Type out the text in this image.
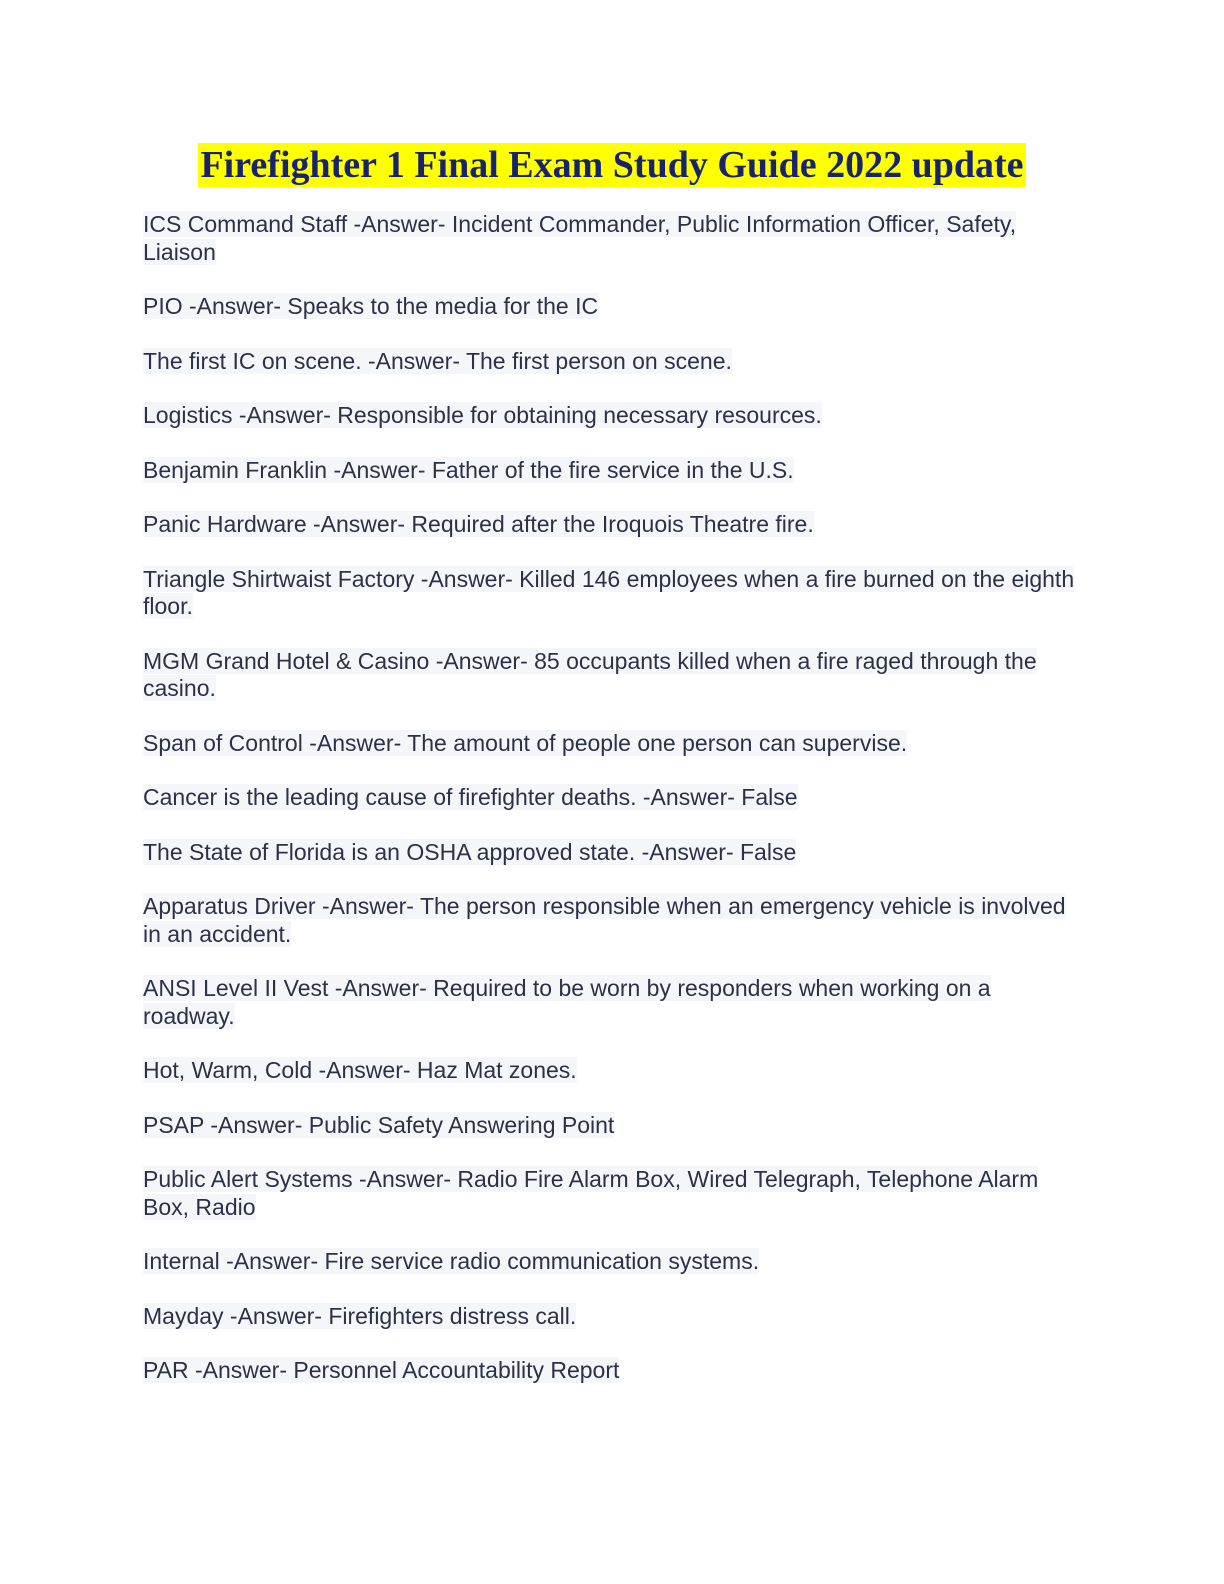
Firefighter 1 Final Exam Study Guide 2022 update
ICS Command Staff -Answer- Incident Commander, Public Information Officer, Safety, Liaison
PIO -Answer- Speaks to the media for the IC
The first IC on scene. -Answer- The first person on scene.
Logistics -Answer- Responsible for obtaining necessary resources.
Benjamin Franklin -Answer- Father of the fire service in the U.S.
Panic Hardware -Answer- Required after the Iroquois Theatre fire.
Triangle Shirtwaist Factory -Answer- Killed 146 employees when a fire burned on the eighth floor.
MGM Grand Hotel & Casino -Answer- 85 occupants killed when a fire raged through the casino.
Span of Control -Answer- The amount of people one person can supervise.
Cancer is the leading cause of firefighter deaths. -Answer- False
The State of Florida is an OSHA approved state. -Answer- False
Apparatus Driver -Answer- The person responsible when an emergency vehicle is involved in an accident.
ANSI Level II Vest -Answer- Required to be worn by responders when working on a roadway.
Hot, Warm, Cold -Answer- Haz Mat zones.
PSAP -Answer- Public Safety Answering Point
Public Alert Systems -Answer- Radio Fire Alarm Box, Wired Telegraph, Telephone Alarm Box, Radio
Internal -Answer- Fire service radio communication systems.
Mayday -Answer- Firefighters distress call.
PAR -Answer- Personnel Accountability Report
